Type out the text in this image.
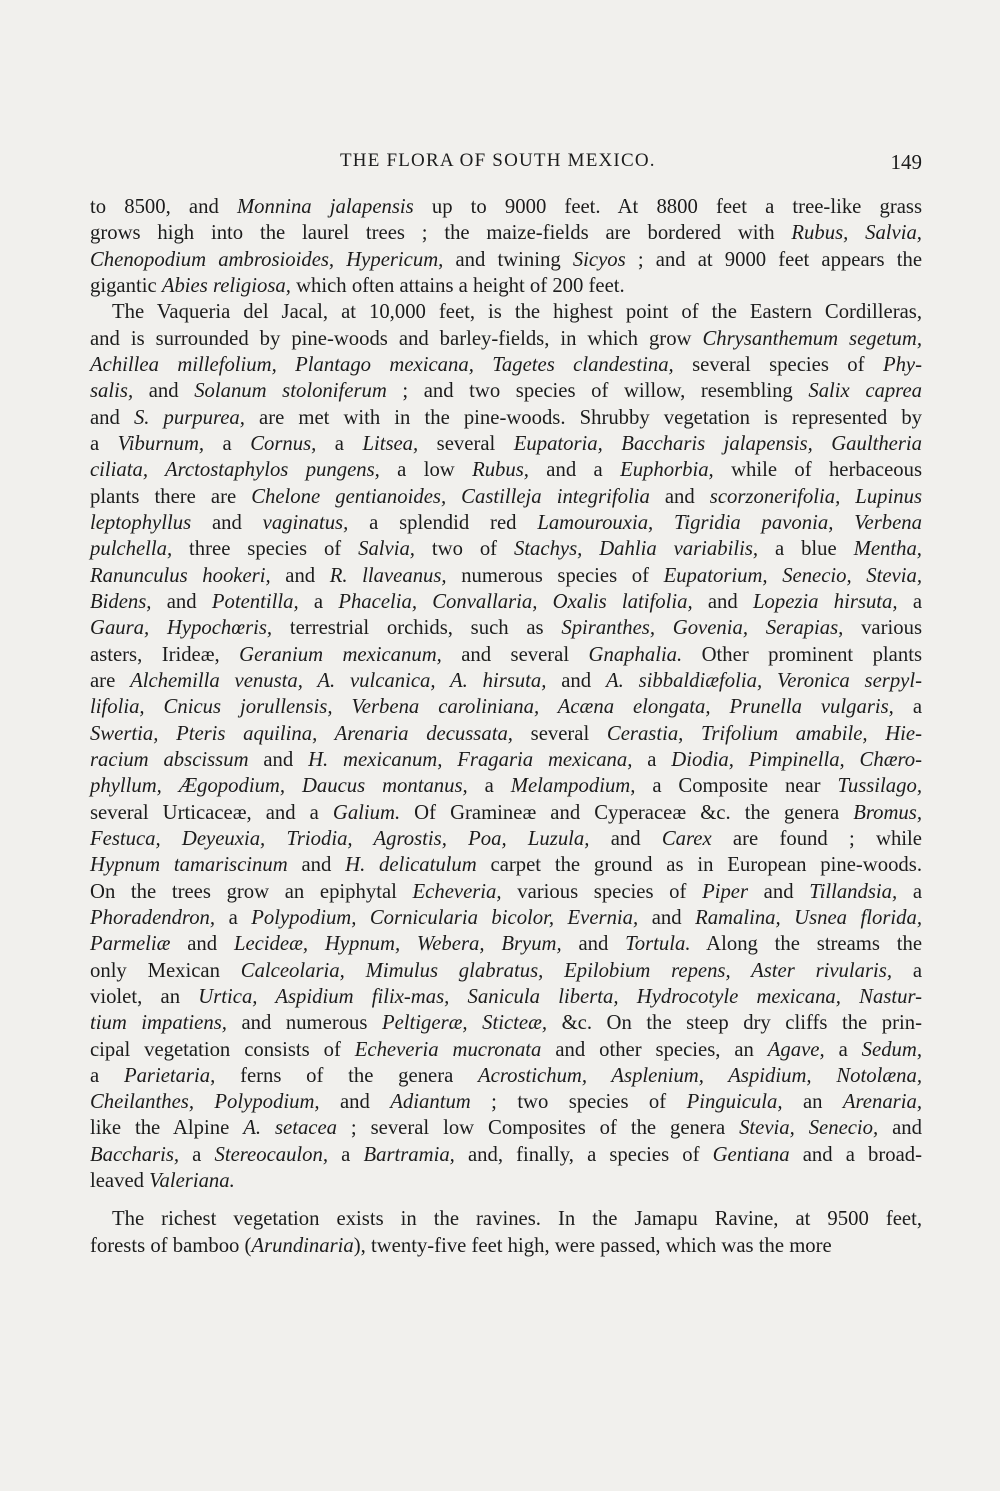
THE FLORA OF SOUTH MEXICO.	149
to 8500, and Monnina jalapensis up to 9000 feet. At 8800 feet a tree-like grass
grows high into the laurel trees ; the maize-fields are bordered with Rubus, Salvia,
Chenopodium ambrosioides, Hypericum, and twining Sicyos ; and at 9000 feet appears the
gigantic Abies religiosa, which often attains a height of 200 feet.
The Vaqueria del Jacal, at 10,000 feet, is the highest point of the Eastern Cordilleras,
and is surrounded by pine-woods and barley-fields, in which grow Chrysanthemum segetum,
Achillea millefolium, Plantago mexicana, Tagetes clandestina, several species of Phy-
salis, and Solanum stoloniferum ; and two species of willow, resembling Salix caprea
and S. purpurea, are met with in the pine-woods. Shrubby vegetation is represented by
a Viburnum, a Cornus, a Litsea, several Eupatoria, Baccharis jalapensis, Gaultheria
ciliata, Arctostaphylos pungens, a low Rubus, and a Euphorbia, while of herbaceous
plants there are Chelone gentianoides, Castilleja integrifolia and scorzonerifolia, Lupinus
leptophyllus and vaginatus, a splendid red Lamourouxia, Tigridia pavonia, Verbena
pulchella, three species of Salvia, two of Stachys, Dahlia variabilis, a blue Mentha,
Ranunculus hookeri, and R. llaveanus, numerous species of Eupatorium, Senecio, Stevia,
Bidens, and Potentilla, a Phacelia, Convallaria, Oxalis latifolia, and Lopezia hirsuta, a
Gaura, Hypochœris, terrestrial orchids, such as Spiranthes, Govenia, Serapias, various
asters, Irideæ, Geranium mexicanum, and several Gnaphalia. Other prominent plants
are Alchemilla venusta, A. vulcanica, A. hirsuta, and A. sibbaldiæfolia, Veronica serpyl-
lifolia, Cnicus jorullensis, Verbena caroliniana, Acæna elongata, Prunella vulgaris, a
Swertia, Pteris aquilina, Arenaria decussata, several Cerastia, Trifolium amabile, Hie-
racium abscissum and H. mexicanum, Fragaria mexicana, a Diodia, Pimpinella, Chæro-
phyllum, Ægopodium, Daucus montanus, a Melampodium, a Composite near Tussilago,
several Urticaceæ, and a Galium. Of Gramineæ and Cyperaceæ &c. the genera Bromus,
Festuca, Deyeuxia, Triodia, Agrostis, Poa, Luzula, and Carex are found ; while
Hypnum tamariscinum and H. delicatulum carpet the ground as in European pine-woods.
On the trees grow an epiphytal Echeveria, various species of Piper and Tillandsia, a
Phoradendron, a Polypodium, Cornicularia bicolor, Evernia, and Ramalina, Usnea florida,
Parmeliæ and Lecideæ, Hypnum, Webera, Bryum, and Tortula. Along the streams the
only Mexican Calceolaria, Mimulus glabratus, Epilobium repens, Aster rivularis, a
violet, an Urtica, Aspidium filix-mas, Sanicula liberta, Hydrocotyle mexicana, Nastur-
tium impatiens, and numerous Peltigeræ, Stictеæ, &c. On the steep dry cliffs the prin-
cipal vegetation consists of Echeveria mucronata and other species, an Agave, a Sedum,
a Parietaria, ferns of the genera Acrostichum, Asplenium, Aspidium, Notolæna,
Cheilanthes, Polypodium, and Adiantum ; two species of Pinguicula, an Arenaria,
like the Alpine A. setacea ; several low Composites of the genera Stevia, Senecio, and
Baccharis, a Stereocaulon, a Bartramia, and, finally, a species of Gentiana and a broad-
leaved Valeriana.
The richest vegetation exists in the ravines. In the Jamapu Ravine, at 9500 feet,
forests of bamboo (Arundinaria), twenty-five feet high, were passed, which was the more
